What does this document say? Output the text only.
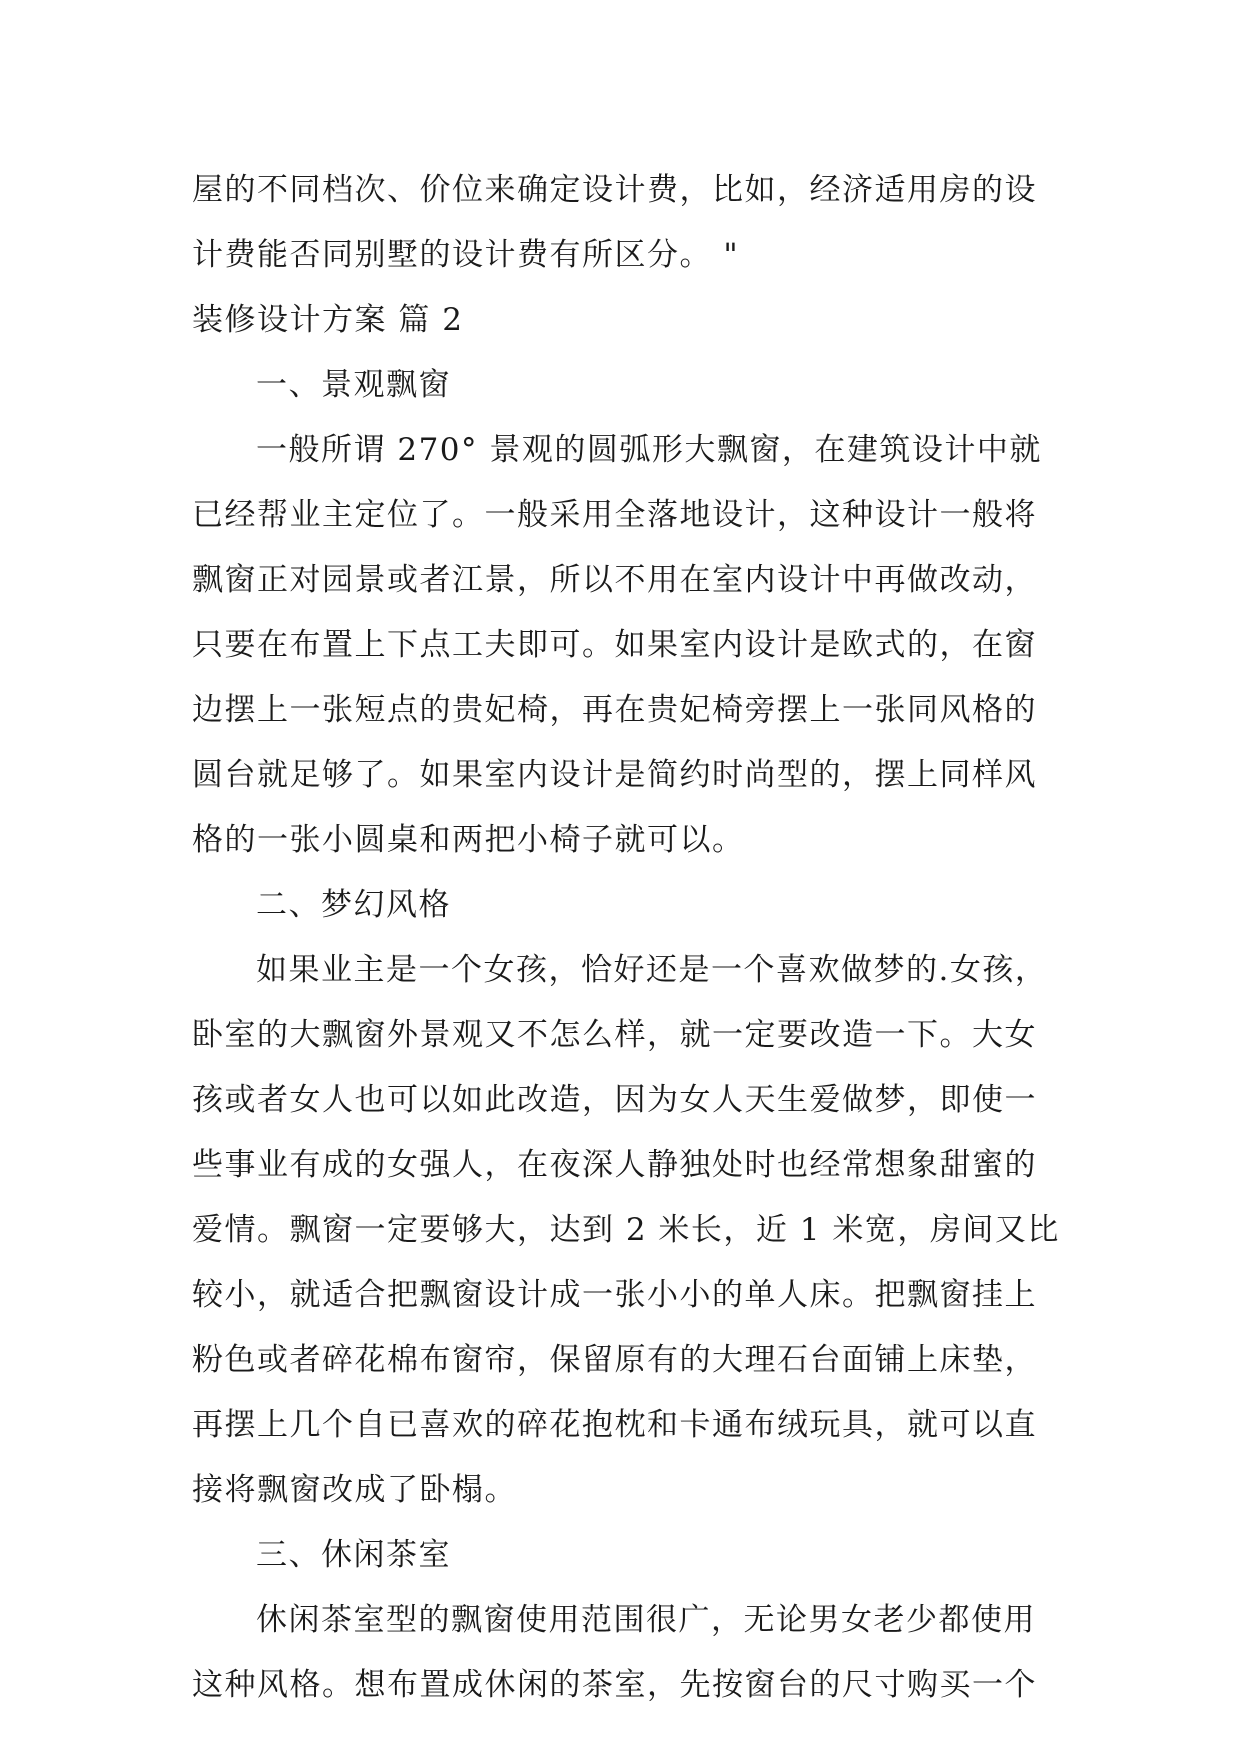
屋的不同档次、价位来确定设计费，比如，经济适用房的设
计费能否同别墅的设计费有所区分。 "
装修设计方案 篇 2
一、景观飘窗
一般所谓 270° 景观的圆弧形大飘窗，在建筑设计中就
已经帮业主定位了。一般采用全落地设计，这种设计一般将
飘窗正对园景或者江景，所以不用在室内设计中再做改动，
只要在布置上下点工夫即可。如果室内设计是欧式的，在窗
边摆上一张短点的贵妃椅，再在贵妃椅旁摆上一张同风格的
圆台就足够了。如果室内设计是简约时尚型的，摆上同样风
格的一张小圆桌和两把小椅子就可以。
二、梦幻风格
如果业主是一个女孩，恰好还是一个喜欢做梦的.女孩，
卧室的大飘窗外景观又不怎么样，就一定要改造一下。大女
孩或者女人也可以如此改造，因为女人天生爱做梦，即使一
些事业有成的女强人，在夜深人静独处时也经常想象甜蜜的
爱情。飘窗一定要够大，达到 2 米长，近 1 米宽，房间又比
较小，就适合把飘窗设计成一张小小的单人床。把飘窗挂上
粉色或者碎花棉布窗帘，保留原有的大理石台面铺上床垫，
再摆上几个自已喜欢的碎花抱枕和卡通布绒玩具，就可以直
接将飘窗改成了卧榻。
三、休闲茶室
休闲茶室型的飘窗使用范围很广，无论男女老少都使用
这种风格。想布置成休闲的茶室，先按窗台的尺寸购买一个
